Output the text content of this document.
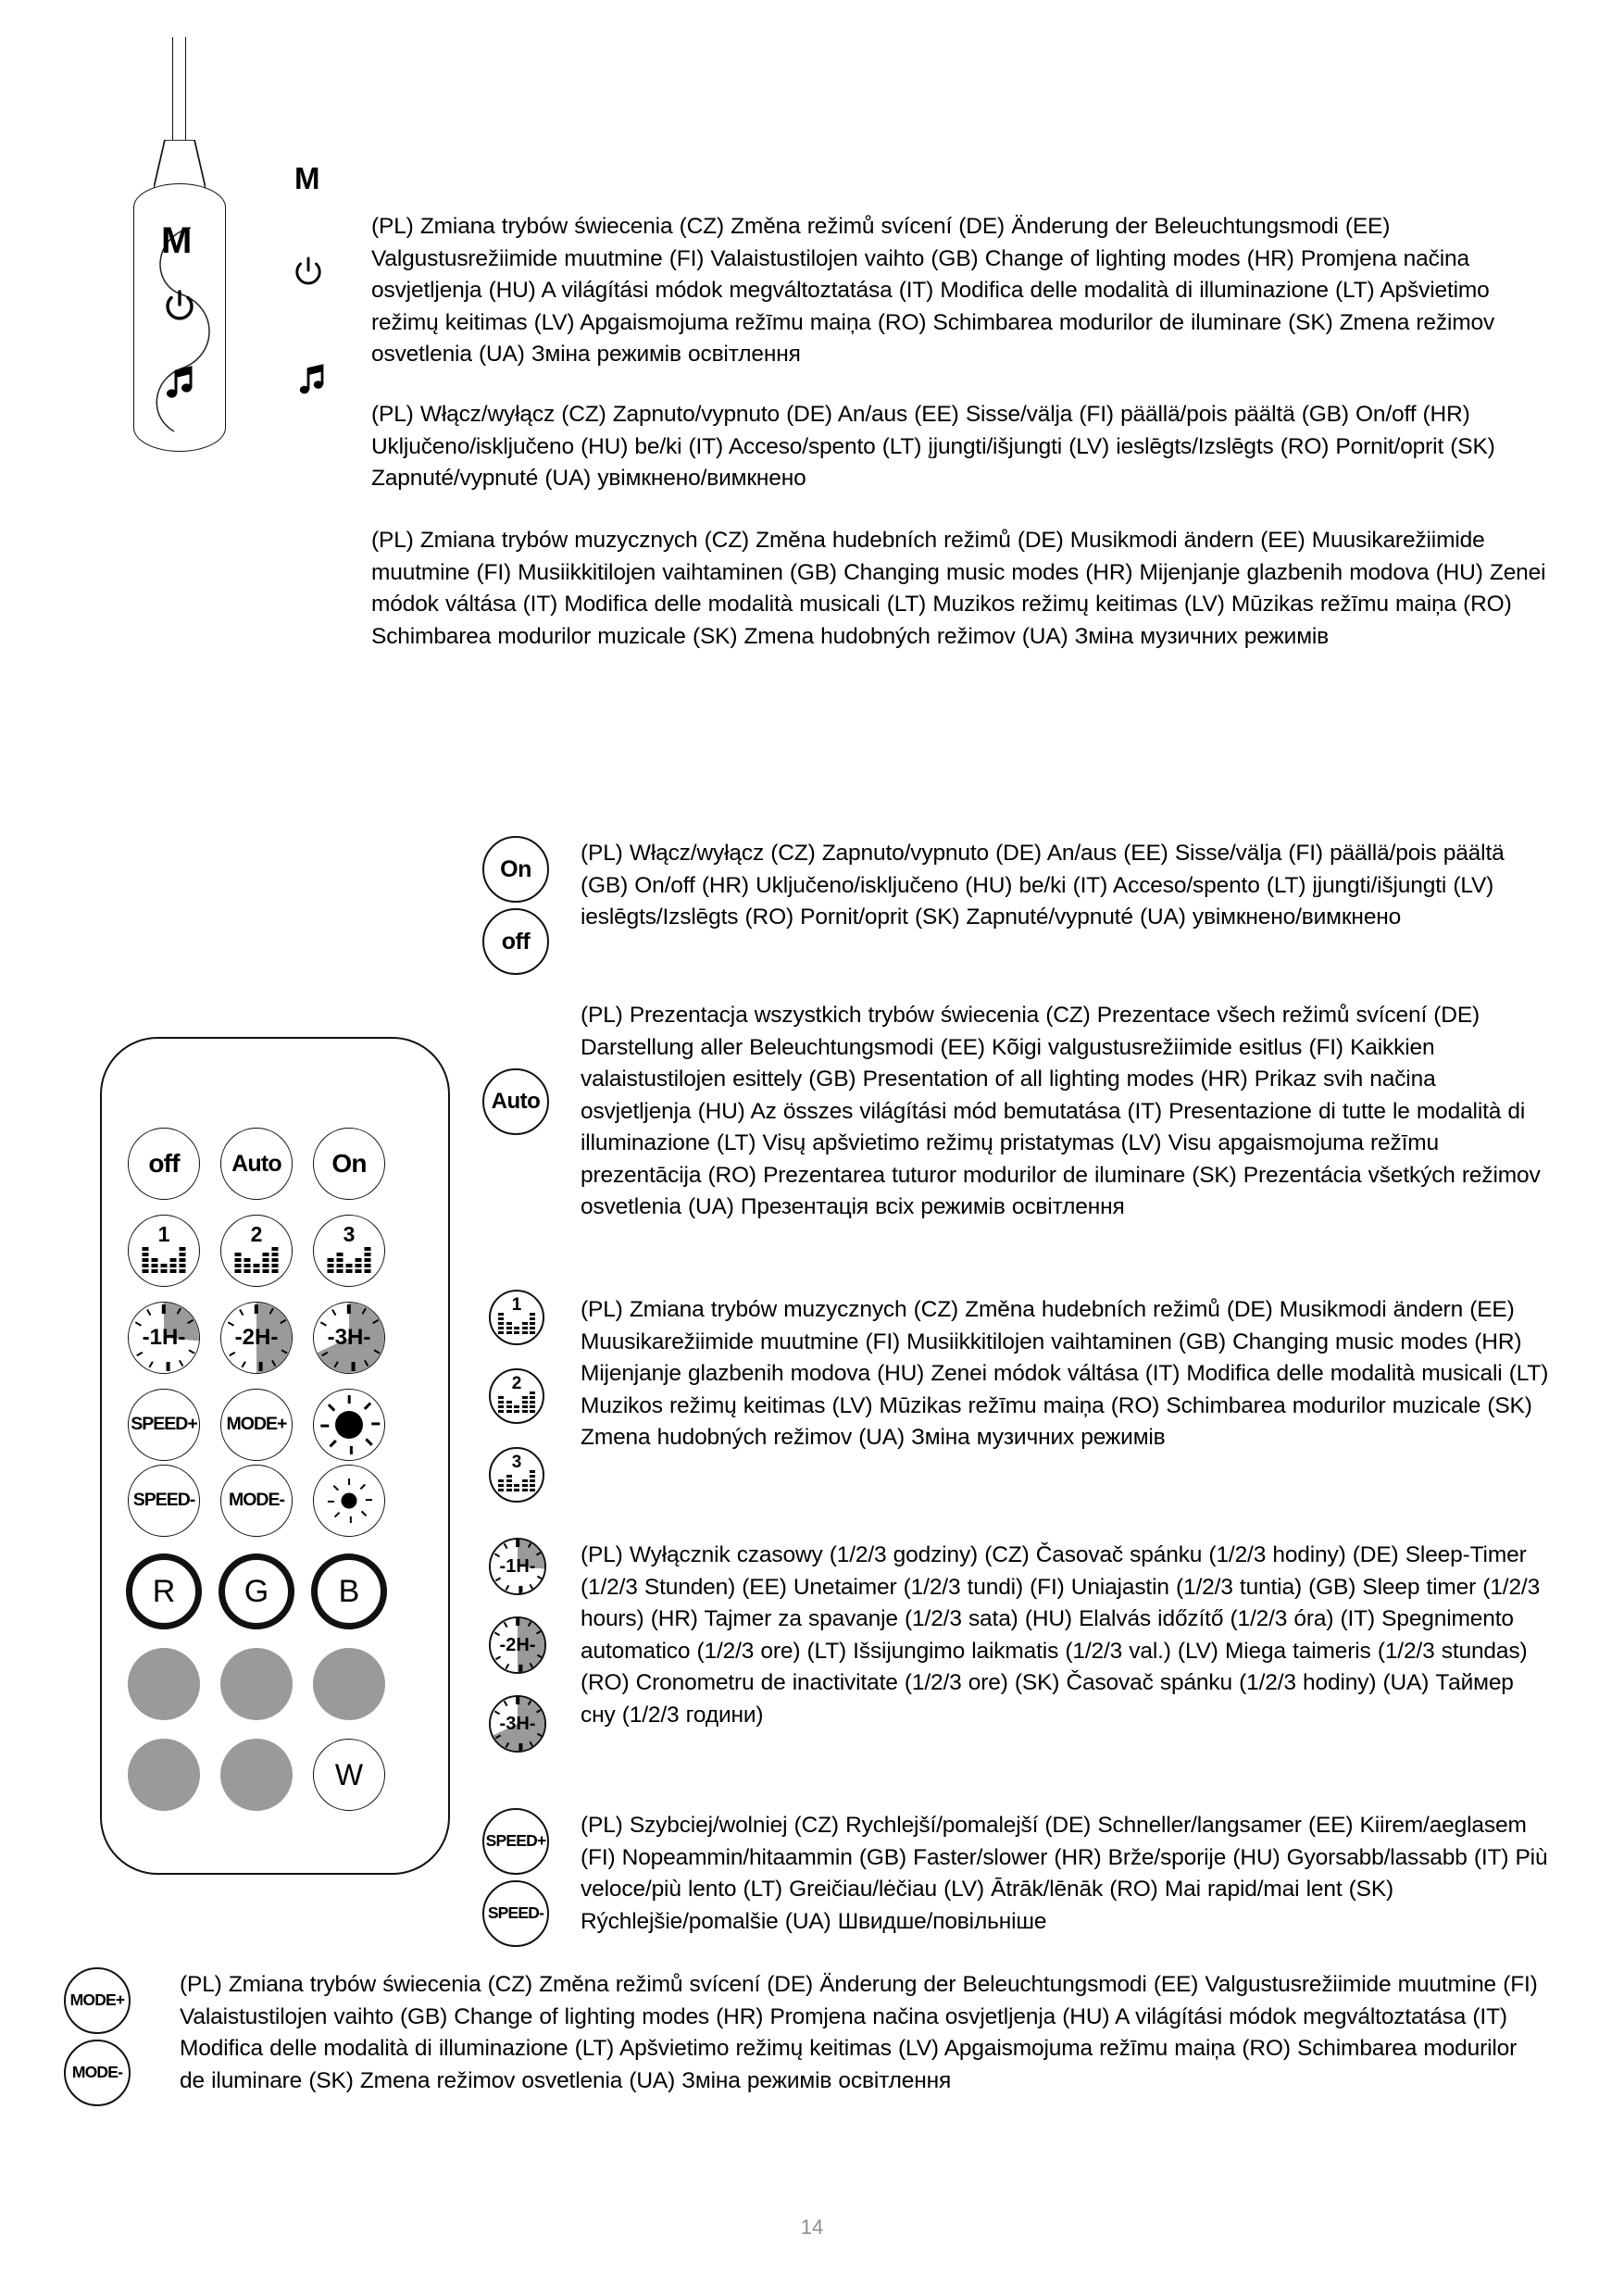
M
M
(PL) Zmiana trybów świecenia (CZ) Změna režimů svícení (DE) Änderung der Beleuchtungsmodi (EE) Valgustusrežiimide muutmine (FI) Valaistustilojen vaihto (GB) Change of lighting modes (HR) Promjena načina osvjetljenja (HU) A világítási módok megváltoztatása (IT) Modifica delle modalità di illuminazione (LT) Apšvietimo režimų keitimas (LV) Apgaismojuma režīmu maiņa (RO) Schimbarea modurilor de iluminare (SK) Zmena režimov osvetlenia (UA) Зміна режимів освітлення
(PL) Włącz/wyłącz (CZ) Zapnuto/vypnuto (DE) An/aus (EE) Sisse/välja (FI) päällä/pois päältä (GB) On/off (HR) Uključeno/isključeno (HU) be/ki (IT) Acceso/spento (LT) įjungti/išjungti (LV) ieslēgts/Izslēgts (RO) Pornit/oprit (SK) Zapnuté/vypnuté (UA) увімкнено/вимкнено
(PL) Zmiana trybów muzycznych (CZ) Změna hudebních režimů (DE) Musikmodi ändern (EE) Muusikarežiimide muutmine (FI) Musiikkitilojen vaihtaminen (GB) Changing music modes (HR) Mijenjanje glazbenih modova (HU) Zenei módok váltása (IT) Modifica delle modalità musicali (LT) Muzikos režimų keitimas (LV) Mūzikas režīmu maiņa (RO) Schimbarea modurilor muzicale (SK) Zmena hudobných režimov (UA) Зміна музичних режимів
On
off
(PL) Włącz/wyłącz (CZ) Zapnuto/vypnuto (DE) An/aus (EE) Sisse/välja (FI) päällä/pois päältä (GB) On/off (HR) Uključeno/isključeno (HU) be/ki (IT) Acceso/spento (LT) įjungti/išjungti (LV) ieslēgts/Izslēgts (RO) Pornit/oprit (SK) Zapnuté/vypnuté (UA) увімкнено/вимкнено
Auto
(PL) Prezentacja wszystkich trybów świecenia (CZ) Prezentace všech režimů svícení (DE) Darstellung aller Beleuchtungsmodi (EE) Kõigi valgustusrežiimide esitlus (FI) Kaikkien valaistustilojen esittely (GB) Presentation of all lighting modes (HR) Prikaz svih načina osvjetljenja (HU) Az összes világítási mód bemutatása (IT) Presentazione di tutte le modalità di illuminazione (LT) Visų apšvietimo režimų pristatymas (LV) Visu apgaismojuma režīmu prezentācija (RO) Prezentarea tuturor modurilor de iluminare (SK) Prezentácia všetkých režimov osvetlenia (UA) Презентація всіх режимів освітлення
1
2
3
(PL) Zmiana trybów muzycznych (CZ) Změna hudebních režimů (DE) Musikmodi ändern (EE) Muusikarežiimide muutmine (FI) Musiikkitilojen vaihtaminen (GB) Changing music modes (HR) Mijenjanje glazbenih modova (HU) Zenei módok váltása (IT) Modifica delle modalità musicali (LT) Muzikos režimų keitimas (LV) Mūzikas režīmu maiņa (RO) Schimbarea modurilor muzicale (SK) Zmena hudobných režimov (UA) Зміна музичних режимів
-1H-
-2H-
-3H-
(PL) Wyłącznik czasowy (1/2/3 godziny) (CZ) Časovač spánku (1/2/3 hodiny) (DE) Sleep-Timer (1/2/3 Stunden) (EE) Unetaimer (1/2/3 tundi) (FI) Uniajastin (1/2/3 tuntia) (GB) Sleep timer (1/2/3 hours) (HR) Tajmer za spavanje (1/2/3 sata) (HU) Elalvás időzítő (1/2/3 óra) (IT) Spegnimento automatico (1/2/3 ore) (LT) Išsijungimo laikmatis (1/2/3 val.) (LV) Miega taimeris (1/2/3 stundas) (RO) Cronometru de inactivitate (1/2/3 ore) (SK) Časovač spánku (1/2/3 hodiny) (UA) Таймер сну (1/2/3 години)
SPEED+
SPEED-
(PL) Szybciej/wolniej (CZ) Rychlejší/pomalejší (DE) Schneller/langsamer (EE) Kiirem/aeglasem (FI) Nopeammin/hitaammin (GB) Faster/slower (HR) Brže/sporije (HU) Gyorsabb/lassabb (IT) Più veloce/più lento (LT) Greičiau/lėčiau (LV) Ātrāk/lēnāk (RO) Mai rapid/mai lent (SK) Rýchlejšie/pomalšie (UA) Швидше/повільніше
MODE+
MODE-
(PL) Zmiana trybów świecenia (CZ) Změna režimů svícení (DE) Änderung der Beleuchtungsmodi (EE) Valgustusrežiimide muutmine (FI) Valaistustilojen vaihto (GB) Change of lighting modes (HR) Promjena načina osvjetljenja (HU) A világítási módok megváltoztatása (IT) Modifica delle modalità di illuminazione (LT) Apšvietimo režimų keitimas (LV) Apgaismojuma režīmu maiņa (RO) Schimbarea modurilor de iluminare (SK) Zmena režimov osvetlenia (UA) Зміна режимів освітлення
off	Auto	On
1	2	3
-1H-	-2H-	-3H-
SPEED+	MODE+
SPEED-	MODE-
R	G	B
W
14
